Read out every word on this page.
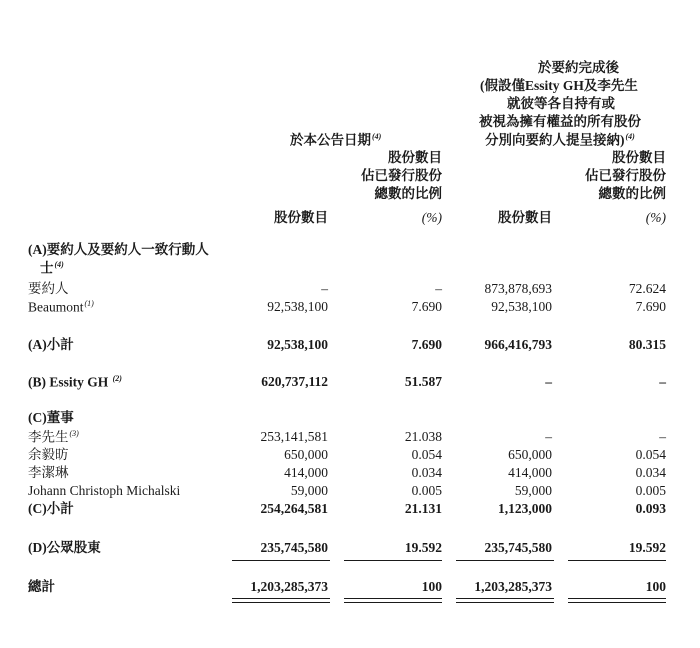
於要約完成後
(假設僅Essity GH及李先生
就彼等各自持有或
被視為擁有權益的所有股份
分別向要約人提呈接納)$^{(4)}$
於本公告日期$^{(4)}$
股份數目
佔已發行股份
總數的比例
股份數目
佔已發行股份
總數的比例
股份數目	(%)	股份數目	(%)
(A)要約人及要約人一致行動人
士$^{(4)}$
要約人	–	–	873,878,693	72.624
Beaumont$^{(1)}$	92,538,100	7.690	92,538,100	7.690
(A)小計	92,538,100	7.690	966,416,793	80.315
(B) Essity GH $^{(2)}$	620,737,112	51.587	–	–
(C)董事
李先生$^{(3)}$	253,141,581	21.038	–	–
余毅昉	650,000	0.054	650,000	0.054
李潔琳	414,000	0.034	414,000	0.034
Johann Christoph Michalski	59,000	0.005	59,000	0.005
(C)小計	254,264,581	21.131	1,123,000	0.093
(D)公眾股東	235,745,580	19.592	235,745,580	19.592
總計	1,203,285,373	100	1,203,285,373	100
